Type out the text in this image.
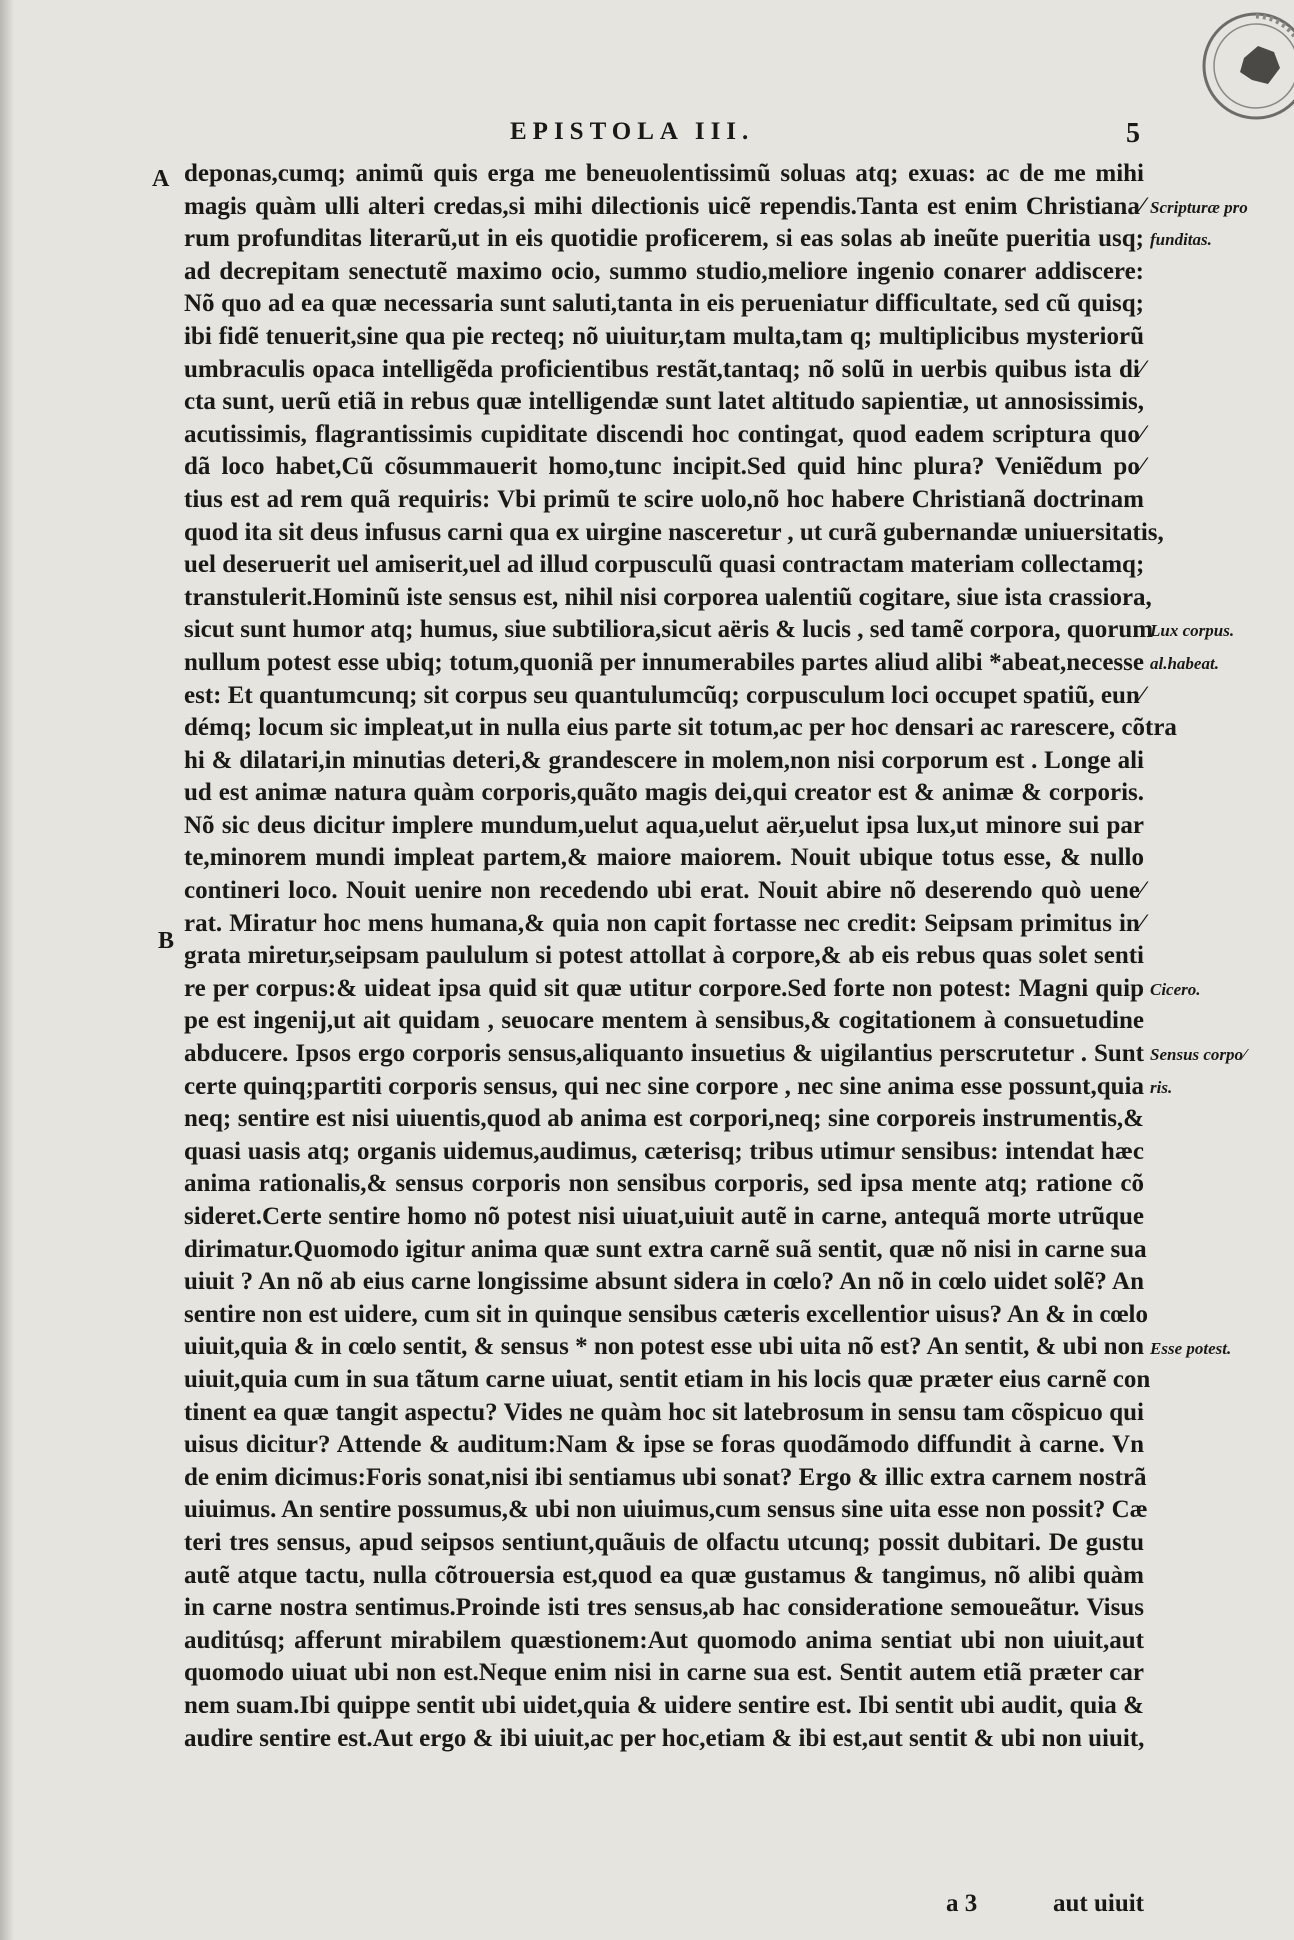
EPISTOLA III.	5
A
B
deponas,cumq; animũ quis erga me beneuolentissimũ soluas atq; exuas: ac de me mihi
magis quàm ulli alteri credas,si mihi dilectionis uicẽ rependis.Tanta est enim Christiana⁄
rum profunditas literarũ,ut in eis quotidie proficerem, si eas solas ab ineũte pueritia usq;
ad decrepitam senectutẽ maximo ocio, summo studio,meliore ingenio conarer addiscere:
Nõ quo ad ea quæ necessaria sunt saluti,tanta in eis perueniatur difficultate, sed cũ quisq;
ibi fidẽ tenuerit,sine qua pie recteq; nõ uiuitur,tam multa,tam q; multiplicibus mysteriorũ
umbraculis opaca intelligẽda proficientibus restãt,tantaq; nõ solũ in uerbis quibus ista di⁄
cta sunt, uerũ etiã in rebus quæ intelligendæ sunt latet altitudo sapientiæ, ut annosissimis,
acutissimis, flagrantissimis cupiditate discendi hoc contingat, quod eadem scriptura quo⁄
dã loco habet,Cũ cõsummauerit homo,tunc incipit.Sed quid hinc plura? Veniẽdum po⁄
tius est ad rem quã requiris: Vbi primũ te scire uolo,nõ hoc habere Christianã doctrinam
quod ita sit deus infusus carni qua ex uirgine nasceretur , ut curã gubernandæ uniuersitatis,
uel deseruerit uel amiserit,uel ad illud corpusculũ quasi contractam materiam collectamq;
transtulerit.Hominũ iste sensus est, nihil nisi corporea ualentiũ cogitare, siue ista crassiora,
sicut sunt humor atq; humus, siue subtiliora,sicut aëris & lucis , sed tamẽ corpora, quorum
nullum potest esse ubiq; totum,quoniã per innumerabiles partes aliud alibi *abeat,necesse
est: Et quantumcunq; sit corpus seu quantulumcũq; corpusculum loci occupet spatiũ, eun⁄
démq; locum sic impleat,ut in nulla eius parte sit totum,ac per hoc densari ac rarescere, cõtra
hi & dilatari,in minutias deteri,& grandescere in molem,non nisi corporum est . Longe ali
ud est animæ natura quàm corporis,quãto magis dei,qui creator est & animæ & corporis.
Nõ sic deus dicitur implere mundum,uelut aqua,uelut aër,uelut ipsa lux,ut minore sui par
te,minorem mundi impleat partem,& maiore maiorem. Nouit ubique totus esse, & nullo
contineri loco. Nouit uenire non recedendo ubi erat. Nouit abire nõ deserendo quò uene⁄
rat. Miratur hoc mens humana,& quia non capit fortasse nec credit: Seipsam primitus in⁄
grata miretur,seipsam paululum si potest attollat à corpore,& ab eis rebus quas solet senti
re per corpus:& uideat ipsa quid sit quæ utitur corpore.Sed forte non potest: Magni quip
pe est ingenij,ut ait quidam , seuocare mentem à sensibus,& cogitationem à consuetudine
abducere. Ipsos ergo corporis sensus,aliquanto insuetius & uigilantius perscrutetur . Sunt
certe quinq;partiti corporis sensus, qui nec sine corpore , nec sine anima esse possunt,quia
neq; sentire est nisi uiuentis,quod ab anima est corpori,neq; sine corporeis instrumentis,&
quasi uasis atq; organis uidemus,audimus, cæterisq; tribus utimur sensibus: intendat hæc
anima rationalis,& sensus corporis non sensibus corporis, sed ipsa mente atq; ratione cõ
sideret.Certe sentire homo nõ potest nisi uiuat,uiuit autẽ in carne, antequã morte utrũque
dirimatur.Quomodo igitur anima quæ sunt extra carnẽ suã sentit, quæ nõ nisi in carne sua
uiuit ? An nõ ab eius carne longissime absunt sidera in cœlo? An nõ in cœlo uidet solẽ? An
sentire non est uidere, cum sit in quinque sensibus cæteris excellentior uisus? An & in cœlo
uiuit,quia & in cœlo sentit, & sensus * non potest esse ubi uita nõ est? An sentit, & ubi non
uiuit,quia cum in sua tãtum carne uiuat, sentit etiam in his locis quæ præter eius carnẽ con
tinent ea quæ tangit aspectu? Vides ne quàm hoc sit latebrosum in sensu tam cõspicuo qui
uisus dicitur? Attende & auditum:Nam & ipse se foras quodãmodo diffundit à carne. Vn
de enim dicimus:Foris sonat,nisi ibi sentiamus ubi sonat? Ergo & illic extra carnem nostrã
uiuimus. An sentire possumus,& ubi non uiuimus,cum sensus sine uita esse non possit? Cæ
teri tres sensus, apud seipsos sentiunt,quãuis de olfactu utcunq; possit dubitari. De gustu
autẽ atque tactu, nulla cõtrouersia est,quod ea quæ gustamus & tangimus, nõ alibi quàm
in carne nostra sentimus.Proinde isti tres sensus,ab hac consideratione semoueãtur. Visus
auditúsq; afferunt mirabilem quæstionem:Aut quomodo anima sentiat ubi non uiuit,aut
quomodo uiuat ubi non est.Neque enim nisi in carne sua est. Sentit autem etiã præter car
nem suam.Ibi quippe sentit ubi uidet,quia & uidere sentire est. Ibi sentit ubi audit, quia &
audire sentire est.Aut ergo & ibi uiuit,ac per hoc,etiam & ibi est,aut sentit & ubi non uiuit,
Scripturæ pro
funditas.
Lux corpus.
al.habeat.
Cicero.
Sensus corpo⁄
ris.
Esse potest.
a 3	aut uiuit
